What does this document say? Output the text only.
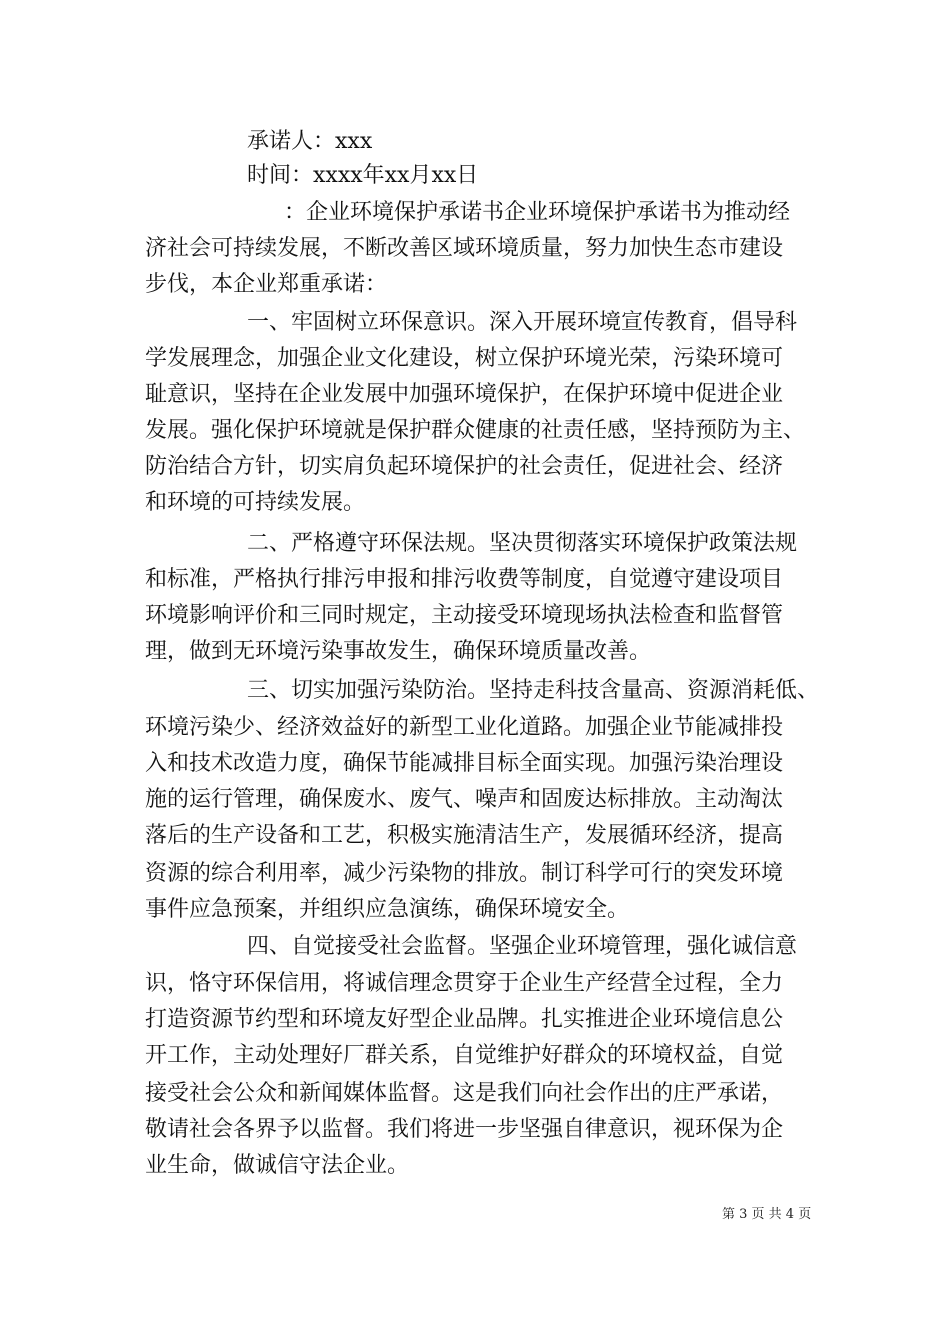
承诺人：xxx
时间：xxxx年xx月xx日
：企业环境保护承诺书企业环境保护承诺书为推动经
济社会可持续发展，不断改善区域环境质量，努力加快生态市建设
步伐，本企业郑重承诺：
一、牢固树立环保意识。深入开展环境宣传教育，倡导科
学发展理念，加强企业文化建设，树立保护环境光荣，污染环境可
耻意识，坚持在企业发展中加强环境保护，在保护环境中促进企业
发展。强化保护环境就是保护群众健康的社责任感，坚持预防为主、
防治结合方针，切实肩负起环境保护的社会责任，促进社会、经济
和环境的可持续发展。
二、严格遵守环保法规。坚决贯彻落实环境保护政策法规
和标准，严格执行排污申报和排污收费等制度，自觉遵守建设项目
环境影响评价和三同时规定，主动接受环境现场执法检查和监督管
理，做到无环境污染事故发生，确保环境质量改善。
三、切实加强污染防治。坚持走科技含量高、资源消耗低、
环境污染少、经济效益好的新型工业化道路。加强企业节能减排投
入和技术改造力度，确保节能减排目标全面实现。加强污染治理设
施的运行管理，确保废水、废气、噪声和固废达标排放。主动淘汰
落后的生产设备和工艺，积极实施清洁生产，发展循环经济，提高
资源的综合利用率，减少污染物的排放。制订科学可行的突发环境
事件应急预案，并组织应急演练，确保环境安全。
四、自觉接受社会监督。坚强企业环境管理，强化诚信意
识，恪守环保信用，将诚信理念贯穿于企业生产经营全过程，全力
打造资源节约型和环境友好型企业品牌。扎实推进企业环境信息公
开工作，主动处理好厂群关系，自觉维护好群众的环境权益，自觉
接受社会公众和新闻媒体监督。这是我们向社会作出的庄严承诺，
敬请社会各界予以监督。我们将进一步坚强自律意识，视环保为企
业生命，做诚信守法企业。
第 3 页 共 4 页
